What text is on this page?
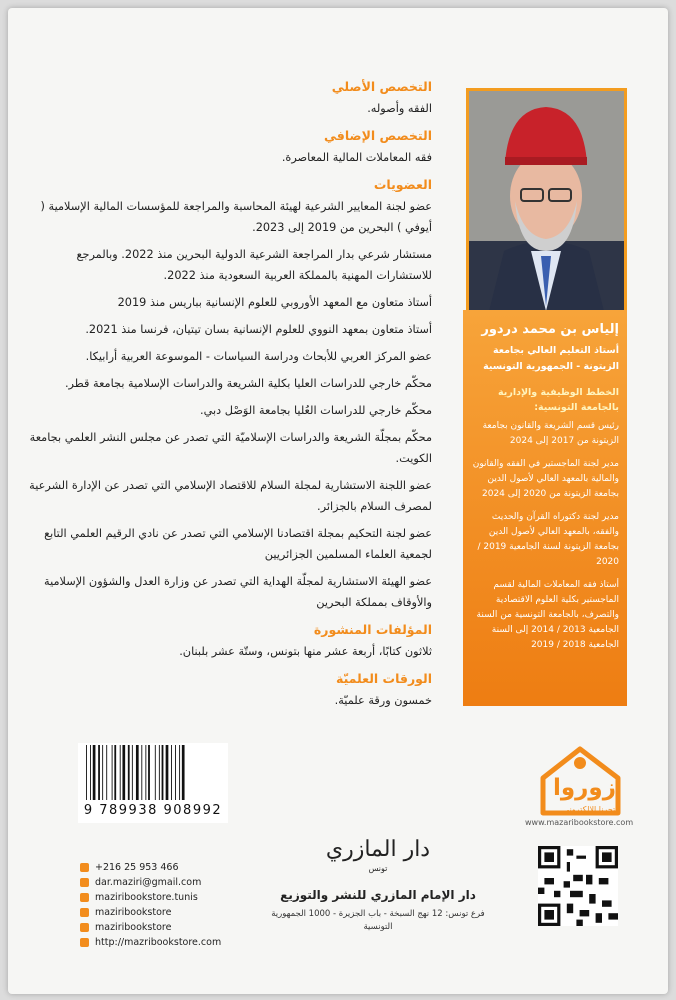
التخصص الأصلي
الفقه وأصوله.
التخصص الإضافي
فقه المعاملات المالية المعاصرة.
العضويات
عضو لجنة المعايير الشرعية لهيئة المحاسبة والمراجعة للمؤسسات المالية الإسلامية ( أيوفي ) البحرين من 2019 إلى 2023.
مستشار شرعي بدار المراجعة الشرعية الدولية البحرين منذ 2022. وبالمرجع للاستشارات المهنية بالمملكة العربية السعودية منذ 2022.
أستاذ متعاون مع المعهد الأوروبي للعلوم الإنسانية بباريس منذ 2019
أستاذ متعاون بمعهد النووي للعلوم الإنسانية بسان تيتيان، فرنسا منذ 2021.
عضو المركز العربي للأبحاث ودراسة السياسات - الموسوعة العربية أرابيكا.
محكّم خارجي للدراسات العليا بكلية الشريعة والدراسات الإسلامية بجامعة قطر.
محكّم خارجي للدراسات العُليا بجامعة الوَصْل دبي.
محكّم بمجلّة الشريعة والدراسات الإسلاميّة التي تصدر عن مجلس النشر العلمي بجامعة الكويت.
عضو اللجنة الاستشارية لمجلة السلام للاقتصاد الإسلامي التي تصدر عن الإدارة الشرعية لمصرف السلام بالجزائر.
عضو لجنة التحكيم بمجلة اقتصادنا الإسلامي التي تصدر عن نادي الرقيم العلمي التابع لجمعية العلماء المسلمين الجزائريين
عضو الهيئة الاستشارية لمجلّة الهداية التي تصدر عن وزارة العدل والشؤون الإسلامية والأوقاف بمملكة البحرين
المؤلفات المنشورة
ثلاثون كتابًا، أربعة عشر منها بتونس، وستّة عشر بلبنان.
الورقات العلميّة
خمسون ورقة علميّة.
إلياس بن محمد دردور
أستاذ التعليم العالي بجامعة الزيتونة - الجمهورية التونسية
الخطط الوظيفية والإدارية بالجامعة التونسية:
رئيس قسم الشريعة والقانون بجامعة الزيتونة من 2017 إلى 2024
مدير لجنة الماجستير في الفقه والقانون والمالية بالمعهد العالي لأصول الدين بجامعة الزيتونة من 2020 إلى 2024
مدير لجنة دكتوراه القرآن والحديث والفقه، بالمعهد العالي لأصول الدين بجامعة الزيتونة لسنة الجامعية 2019 / 2020
أستاذ فقه المعاملات المالية لقسم الماجستير بكلية العلوم الاقتصادية والتصرف، بالجامعة التونسية من السنة الجامعية 2013 / 2014 إلى السنة الجامعية 2018 / 2019
9 789938 908992
زوروا
متجرنا الإلكتروني
www.mazaribookstore.com
دار المازري
تونس
دار الإمام المازري للنشر والتوزيع
فرع تونس: 12 نهج السبخة - باب الجزيرة - 1000 الجمهورية التونسية
+216 25 953 466
dar.maziri@gmail.com
maziribookstore.tunis
maziribookstore
maziribookstore
http://mazribookstore.com
